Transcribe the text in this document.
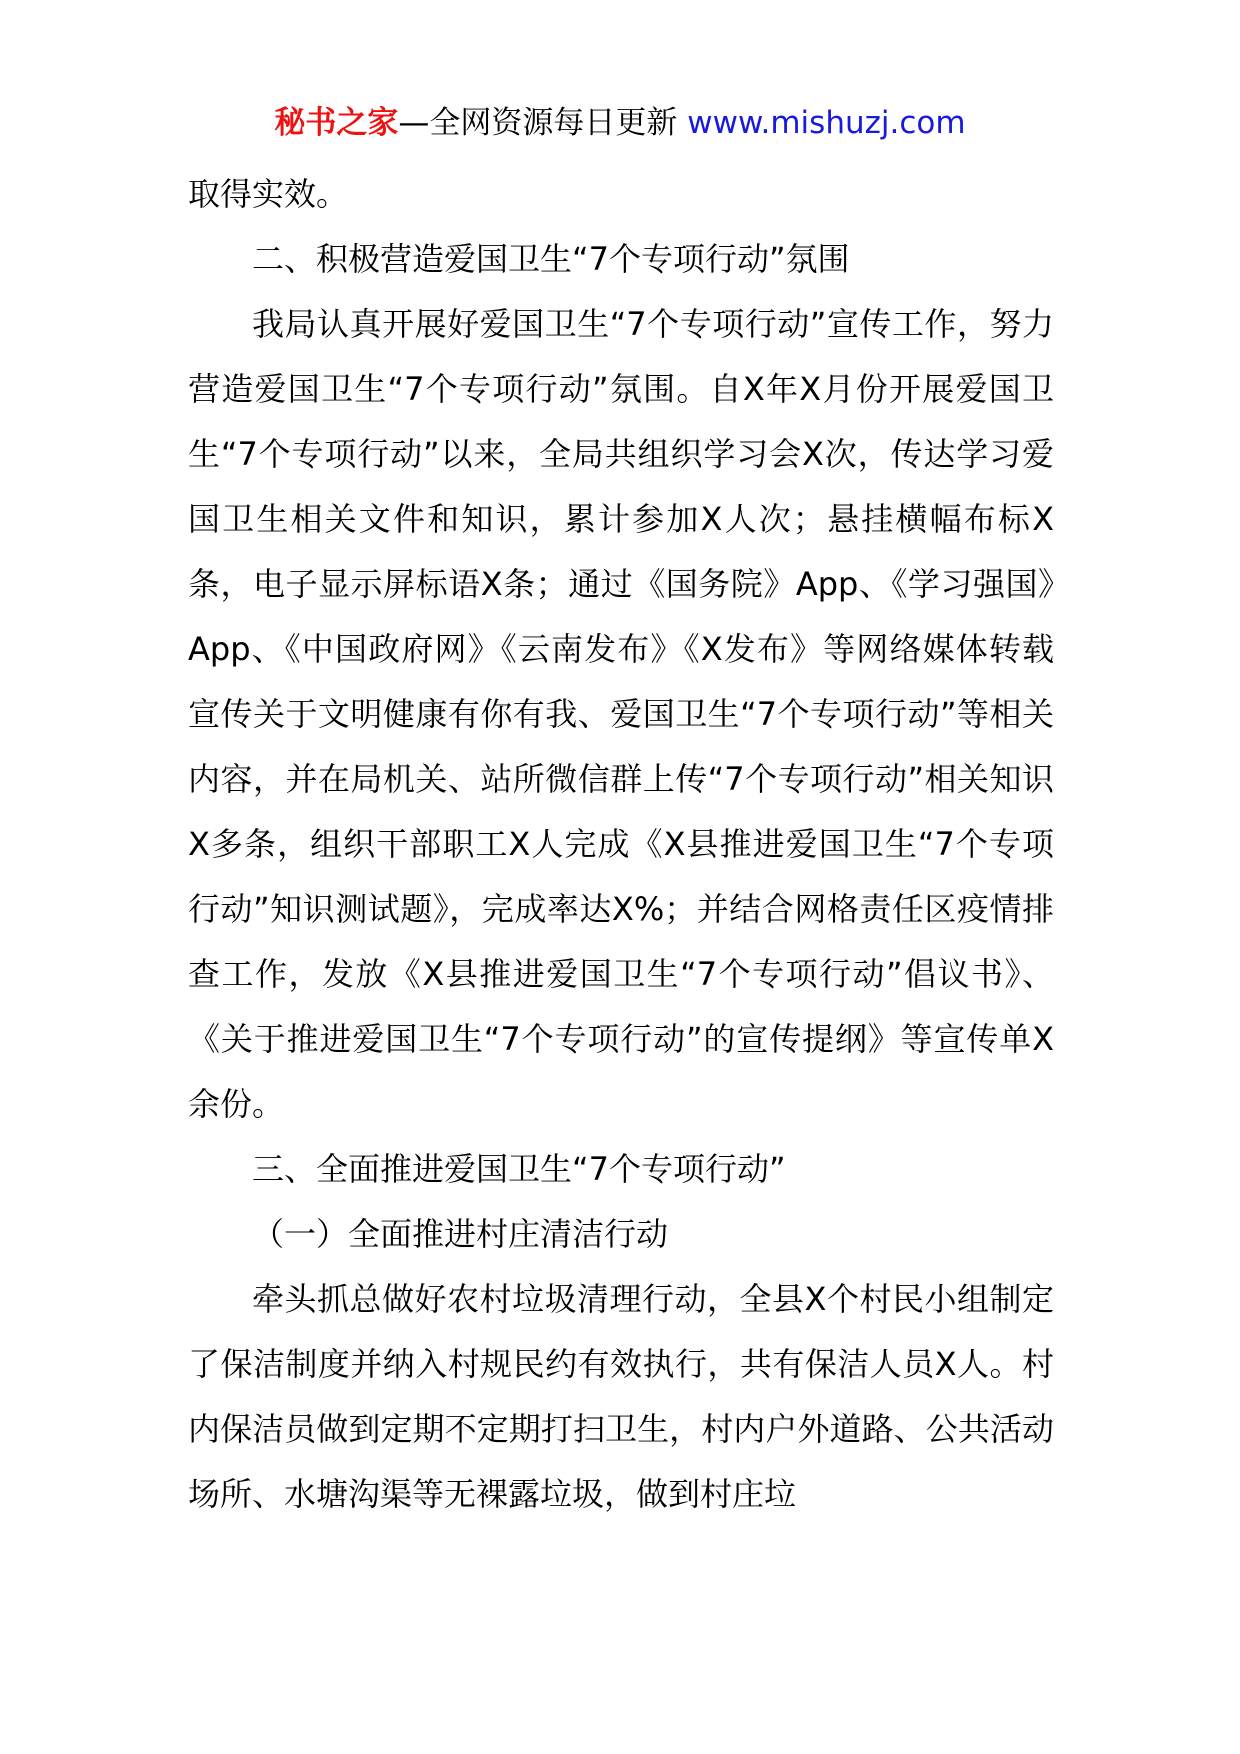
秘书之家—全网资源每日更新 www.mishuzj.com

取得实效。

二、积极营造爱国卫生“7个专项行动”氛围

我局认真开展好爱国卫生“7个专项行动”宣传工作，努力营造爱国卫生“7个专项行动”氛围。自X年X月份开展爱国卫生“7个专项行动”以来，全局共组织学习会X次，传达学习爱国卫生相关文件和知识，累计参加X人次；悬挂横幅布标X条，电子显示屏标语X条；通过《国务院》App、《学习强国》App、《中国政府网》《云南发布》《X发布》等网络媒体转载宣传关于文明健康有你有我、爱国卫生“7个专项行动”等相关内容，并在局机关、站所微信群上传“7个专项行动”相关知识X多条，组织干部职工X人完成《X县推进爱国卫生“7个专项行动”知识测试题》，完成率达X%；并结合网格责任区疫情排查工作，发放《X县推进爱国卫生“7个专项行动”倡议书》、《关于推进爱国卫生“7个专项行动”的宣传提纲》等宣传单X余份。

三、全面推进爱国卫生“7个专项行动”

（一）全面推进村庄清洁行动

牵头抓总做好农村垃圾清理行动，全县X个村民小组制定了保洁制度并纳入村规民约有效执行，共有保洁人员X人。村内保洁员做到定期不定期打扫卫生，村内户外道路、公共活动场所、水塘沟渠等无裸露垃圾，做到村庄垃
